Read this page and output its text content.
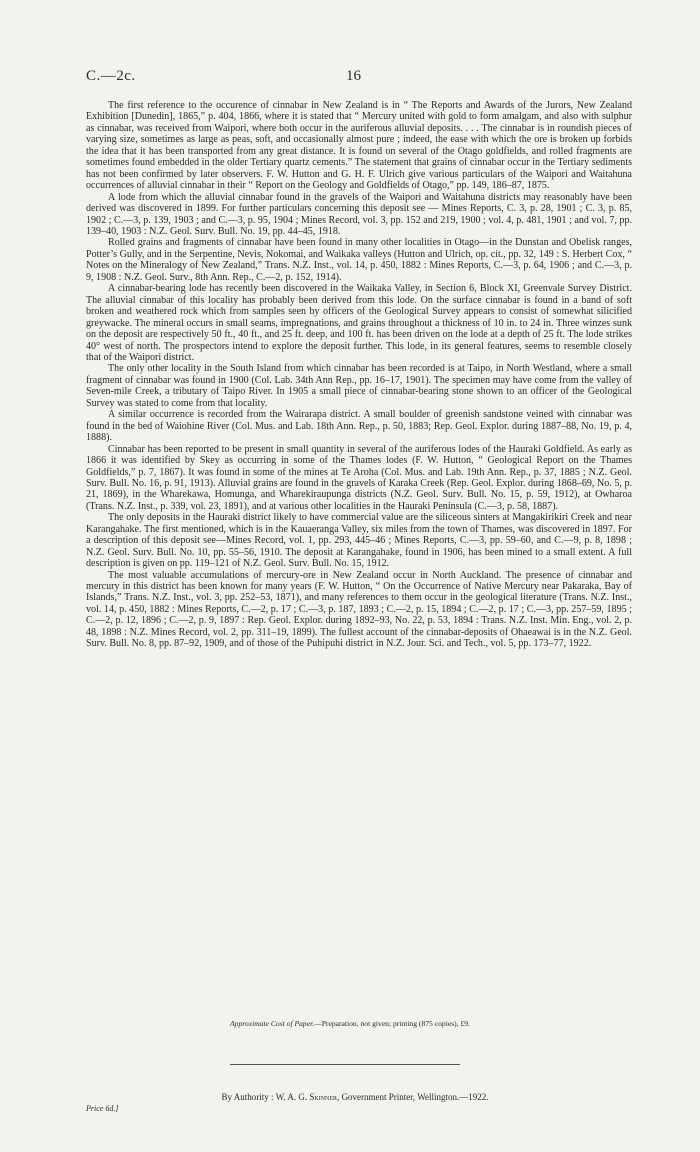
C.—2c.	16

The first reference to the occurence of cinnabar in New Zealand is in “ The Reports and Awards of the Jurors, New Zealand Exhibition [Dunedin], 1865,” p. 404, 1866, where it is stated that “ Mercury united with gold to form amalgam, and also with sulphur as cinnabar, was received from Waipori, where both occur in the auriferous alluvial deposits. . . . The cinnabar is in roundish pieces of varying size, sometimes as large as peas, soft, and occasionally almost pure ; indeed, the ease with which the ore is broken up forbids the idea that it has been transported from any great distance. It is found on several of the Otago goldfields, and rolled fragments are sometimes found embedded in the older Tertiary quartz cements.” The statement that grains of cinnabar occur in the Tertiary sediments has not been confirmed by later observers. F. W. Hutton and G. H. F. Ulrich give various particulars of the Waipori and Waitahuna occurrences of alluvial cinnabar in their “ Report on the Geology and Goldfields of Otago,” pp. 149, 186–87, 1875.

A lode from which the alluvial cinnabar found in the gravels of the Waipori and Waitahuna districts may reasonably have been derived was discovered in 1899. For further particulars concerning this deposit see — Mines Reports, C. 3, p. 28, 1901 ; C. 3, p. 85, 1902 ; C.—3, p. 139, 1903 ; and C.—3, p. 95, 1904 ; Mines Record, vol. 3, pp. 152 and 219, 1900 ; vol. 4, p. 481, 1901 ; and vol. 7, pp. 139–40, 1903 : N.Z. Geol. Surv. Bull. No. 19, pp. 44–45, 1918.

Rolled grains and fragments of cinnabar have been found in many other localities in Otago—in the Dunstan and Obelisk ranges, Potter’s Gully, and in the Serpentine, Nevis, Nokomai, and Waikaka valleys (Hutton and Ulrich, op. cit., pp. 32, 149 : S. Herbert Cox, “ Notes on the Mineralogy of New Zealand,” Trans. N.Z. Inst., vol. 14, p. 450, 1882 : Mines Reports, C.—3, p. 64, 1906 ; and C.—3, p. 9, 1908 : N.Z. Geol. Surv., 8th Ann. Rep., C.—2, p. 152, 1914).

A cinnabar-bearing lode has recently been discovered in the Waikaka Valley, in Section 6, Block XI, Greenvale Survey District. The alluvial cinnabar of this locality has probably been derived from this lode. On the surface cinnabar is found in a band of soft broken and weathered rock which from samples seen by officers of the Geological Survey appears to consist of somewhat silicified greywacke. The mineral occurs in small seams, impregnations, and grains throughout a thickness of 10 in. to 24 in. Three winzes sunk on the deposit are respectively 50 ft., 40 ft., and 25 ft. deep, and 100 ft. has been driven on the lode at a depth of 25 ft. The lode strikes 40° west of north. The prospectors intend to explore the deposit further. This lode, in its general features, seems to resemble closely that of the Waipori district.

The only other locality in the South Island from which cinnabar has been recorded is at Taipo, in North Westland, where a small fragment of cinnabar was found in 1900 (Col. Lab. 34th Ann Rep., pp. 16–17, 1901). The specimen may have come from the valley of Seven-mile Creek, a tributary of Taipo River. In 1905 a small piece of cinnabar-bearing stone shown to an officer of the Geological Survey was stated to come from that locality.

A similar occurrence is recorded from the Wairarapa district. A small boulder of greenish sandstone veined with cinnabar was found in the bed of Waiohine River (Col. Mus. and Lab. 18th Ann. Rep., p. 50, 1883; Rep. Geol. Explor. during 1887–88, No. 19, p. 4, 1888).

Cinnabar has been reported to be present in small quantity in several of the auriferous lodes of the Hauraki Goldfield. As early as 1866 it was identified by Skey as occurring in some of the Thames lodes (F. W. Hutton, “ Geological Report on the Thames Goldfields,” p. 7, 1867). It was found in some of the mines at Te Aroha (Col. Mus. and Lab. 19th Ann. Rep., p. 37, 1885 ; N.Z. Geol. Surv. Bull. No. 16, p. 91, 1913). Alluvial grains are found in the gravels of Karaka Creek (Rep. Geol. Explor. during 1868–69, No. 5, p. 21, 1869), in the Wharekawa, Homunga, and Wharekiraupunga districts (N.Z. Geol. Surv. Bull. No. 15, p. 59, 1912), at Owharoa (Trans. N.Z. Inst., p. 339, vol. 23, 1891), and at various other localities in the Hauraki Peninsula (C.—3, p. 58, 1887).

The only deposits in the Hauraki district likely to have commercial value are the siliceous sinters at Mangakirikiri Creek and near Karangahake. The first mentioned, which is in the Kauaeranga Valley, six miles from the town of Thames, was discovered in 1897. For a description of this deposit see—Mines Record, vol. 1, pp. 293, 445–46 ; Mines Reports, C.—3, pp. 59–60, and C.—9, p. 8, 1898 ; N.Z. Geol. Surv. Bull. No. 10, pp. 55–56, 1910. The deposit at Karangahake, found in 1906, has been mined to a small extent. A full description is given on pp. 119–121 of N.Z. Geol. Surv. Bull. No. 15, 1912.

The most valuable accumulations of mercury-ore in New Zealand occur in North Auckland. The presence of cinnabar and mercury in this district has been known for many years (F. W. Hutton, “ On the Occurrence of Native Mercury near Pakaraka, Bay of Islands,” Trans. N.Z. Inst., vol. 3, pp. 252–53, 1871), and many references to them occur in the geological literature (Trans. N.Z. Inst., vol. 14, p. 450, 1882 : Mines Reports, C.—2, p. 17 ; C.—3, p. 187, 1893 ; C.—2, p. 15, 1894 ; C.—2, p. 17 ; C.—3, pp. 257–59, 1895 ; C.—2, p. 12, 1896 ; C.—2, p. 9, 1897 : Rep. Geol. Explor. during 1892–93, No. 22, p. 53, 1894 : Trans. N.Z. Inst. Min. Eng., vol. 2, p. 48, 1898 : N.Z. Mines Record, vol. 2, pp. 311–19, 1899). The fullest account of the cinnabar-deposits of Ohaeawai is in the N.Z. Geol. Surv. Bull. No. 8, pp. 87–92, 1909, and of those of the Puhipuhi district in N.Z. Jour. Sci. and Tech., vol. 5, pp. 173–77, 1922.

Approximate Cost of Paper.—Preparation, not given; printing (875 copies), £9.
By Authority : W. A. G. Skinner, Government Printer, Wellington.—1922.
Price 6d.]
